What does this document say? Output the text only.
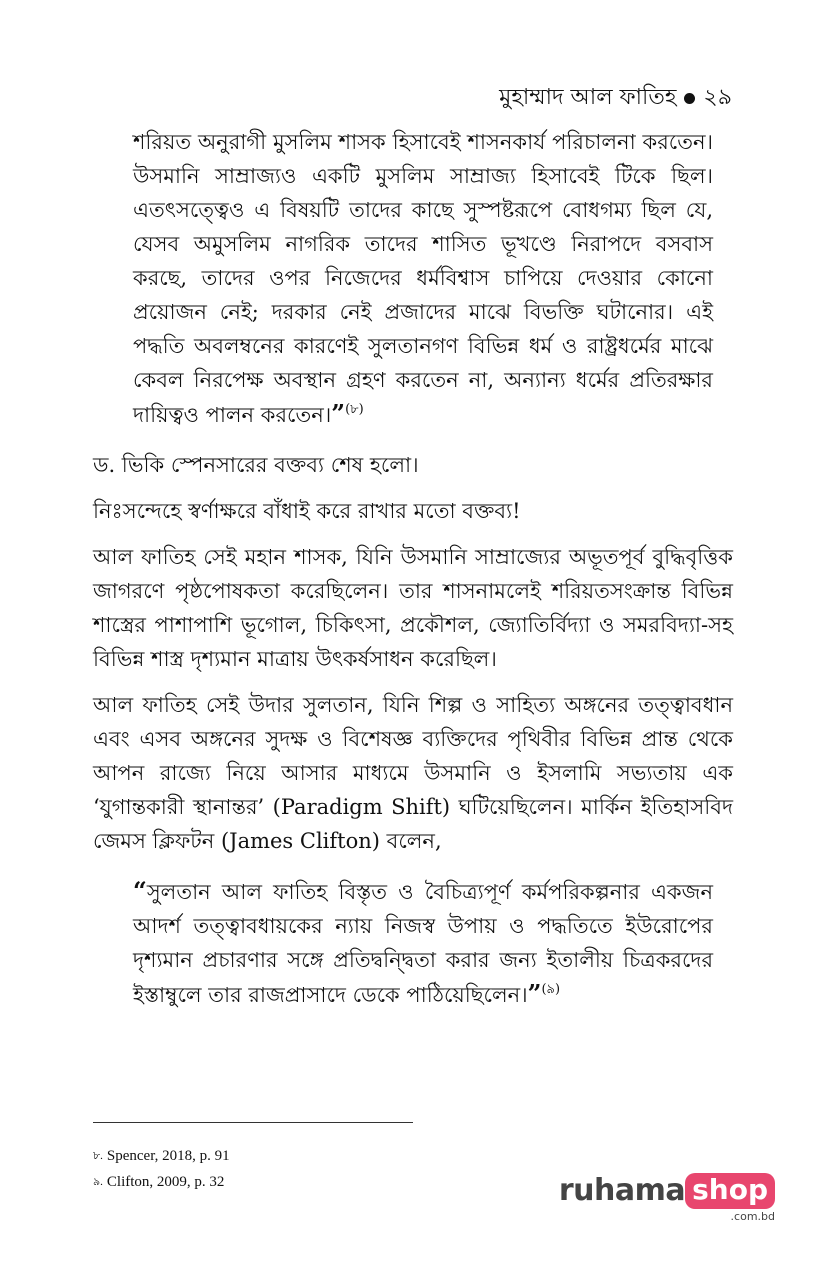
মুহাম্মাদ আল ফাতিহ ২৯
শরিয়ত অনুরাগী মুসলিম শাসক হিসাবেই শাসনকার্য পরিচালনা করতেন। উসমানি সাম্রাজ্যও একটি মুসলিম সাম্রাজ্য হিসাবেই টিকে ছিল। এতৎসত্ত্বেও এ বিষয়টি তাদের কাছে সুস্পষ্টরূপে বোধগম্য ছিল যে, যেসব অমুসলিম নাগরিক তাদের শাসিত ভূখণ্ডে নিরাপদে বসবাস করছে, তাদের ওপর নিজেদের ধর্মবিশ্বাস চাপিয়ে দেওয়ার কোনো প্রয়োজন নেই; দরকার নেই প্রজাদের মাঝে বিভক্তি ঘটানোর। এই পদ্ধতি অবলম্বনের কারণেই সুলতানগণ বিভিন্ন ধর্ম ও রাষ্ট্রধর্মের মাঝে কেবল নিরপেক্ষ অবস্থান গ্রহণ করতেন না, অন্যান্য ধর্মের প্রতিরক্ষার দায়িত্বও পালন করতেন।”$^{(৮)}$

ড. ভিকি স্পেনসারের বক্তব্য শেষ হলো।

নিঃসন্দেহে স্বর্ণাক্ষরে বাঁধাই করে রাখার মতো বক্তব্য!

আল ফাতিহ সেই মহান শাসক, যিনি উসমানি সাম্রাজ্যের অভূতপূর্ব বুদ্ধিবৃত্তিক জাগরণে পৃষ্ঠপোষকতা করেছিলেন। তার শাসনামলেই শরিয়তসংক্রান্ত বিভিন্ন শাস্ত্রের পাশাপাশি ভূগোল, চিকিৎসা, প্রকৌশল, জ্যোতির্বিদ্যা ও সমরবিদ্যা-সহ বিভিন্ন শাস্ত্র দৃশ্যমান মাত্রায় উৎকর্ষসাধন করেছিল।

আল ফাতিহ সেই উদার সুলতান, যিনি শিল্প ও সাহিত্য অঙ্গনের তত্ত্বাবধান এবং এসব অঙ্গনের সুদক্ষ ও বিশেষজ্ঞ ব্যক্তিদের পৃথিবীর বিভিন্ন প্রান্ত থেকে আপন রাজ্যে নিয়ে আসার মাধ্যমে উসমানি ও ইসলামি সভ্যতায় এক ‘যুগান্তকারী স্থানান্তর’ (Paradigm Shift) ঘটিয়েছিলেন। মার্কিন ইতিহাসবিদ জেমস ক্লিফটন (James Clifton) বলেন,

“সুলতান আল ফাতিহ বিস্তৃত ও বৈচিত্র্যপূর্ণ কর্মপরিকল্পনার একজন আদর্শ তত্ত্বাবধায়কের ন্যায় নিজস্ব উপায় ও পদ্ধতিতে ইউরোপের দৃশ্যমান প্রচারণার সঙ্গে প্রতিদ্বন্দ্বিতা করার জন্য ইতালীয় চিত্রকরদের ইস্তাম্বুলে তার রাজপ্রাসাদে ডেকে পাঠিয়েছিলেন।”$^{(৯)}$
$^{৮.}$ Spencer, 2018, p. 91
$^{৯.}$ Clifton, 2009, p. 32	ruhama shop
.com.bd
